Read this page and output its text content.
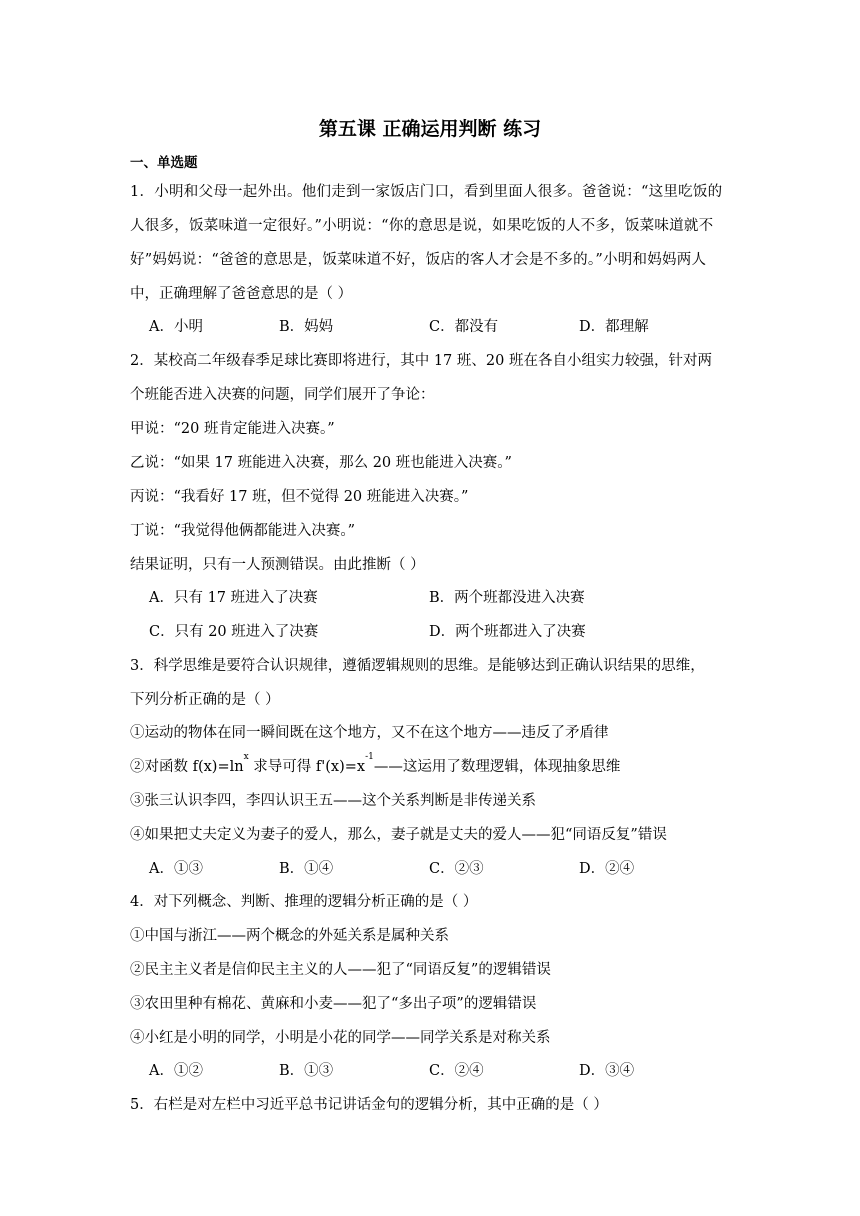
第五课 正确运用判断 练习
一、单选题
1．小明和父母一起外出。他们走到一家饭店门口，看到里面人很多。爸爸说：“这里吃饭的
人很多，饭菜味道一定很好。”小明说：“你的意思是说，如果吃饭的人不多，饭菜味道就不
好”妈妈说：“爸爸的意思是，饭菜味道不好，饭店的客人才会是不多的。”小明和妈妈两人
中，正确理解了爸爸意思的是（ ）
A．小明	B．妈妈	C．都没有	D．都理解
2．某校高二年级春季足球比赛即将进行，其中 17 班、20 班在各自小组实力较强，针对两
个班能否进入决赛的问题，同学们展开了争论：
甲说：“20 班肯定能进入决赛。”
乙说：“如果 17 班能进入决赛，那么 20 班也能进入决赛。”
丙说：“我看好 17 班，但不觉得 20 班能进入决赛。”
丁说：“我觉得他俩都能进入决赛。”
结果证明，只有一人预测错误。由此推断（ ）
A．只有 17 班进入了决赛	B．两个班都没进入决赛
C．只有 20 班进入了决赛	D．两个班都进入了决赛
3．科学思维是要符合认识规律，遵循逻辑规则的思维。是能够达到正确认识结果的思维，
下列分析正确的是（ ）
①运动的物体在同一瞬间既在这个地方，又不在这个地方——违反了矛盾律
②对函数 $f(x)=\ln^x$ 求导可得 $f'(x)=x^{-1}——$这运用了数理逻辑，体现抽象思维
③张三认识李四，李四认识王五——这个关系判断是非传递关系
④如果把丈夫定义为妻子的爱人，那么，妻子就是丈夫的爱人——犯“同语反复”错误
A．①③	B．①④	C．②③	D．②④
4．对下列概念、判断、推理的逻辑分析正确的是（ ）
①中国与浙江——两个概念的外延关系是属种关系
②民主主义者是信仰民主主义的人——犯了“同语反复”的逻辑错误
③农田里种有棉花、黄麻和小麦——犯了“多出子项”的逻辑错误
④小红是小明的同学，小明是小花的同学——同学关系是对称关系
A．①②	B．①③	C．②④	D．③④
5．右栏是对左栏中习近平总书记讲话金句的逻辑分析，其中正确的是（ ）
